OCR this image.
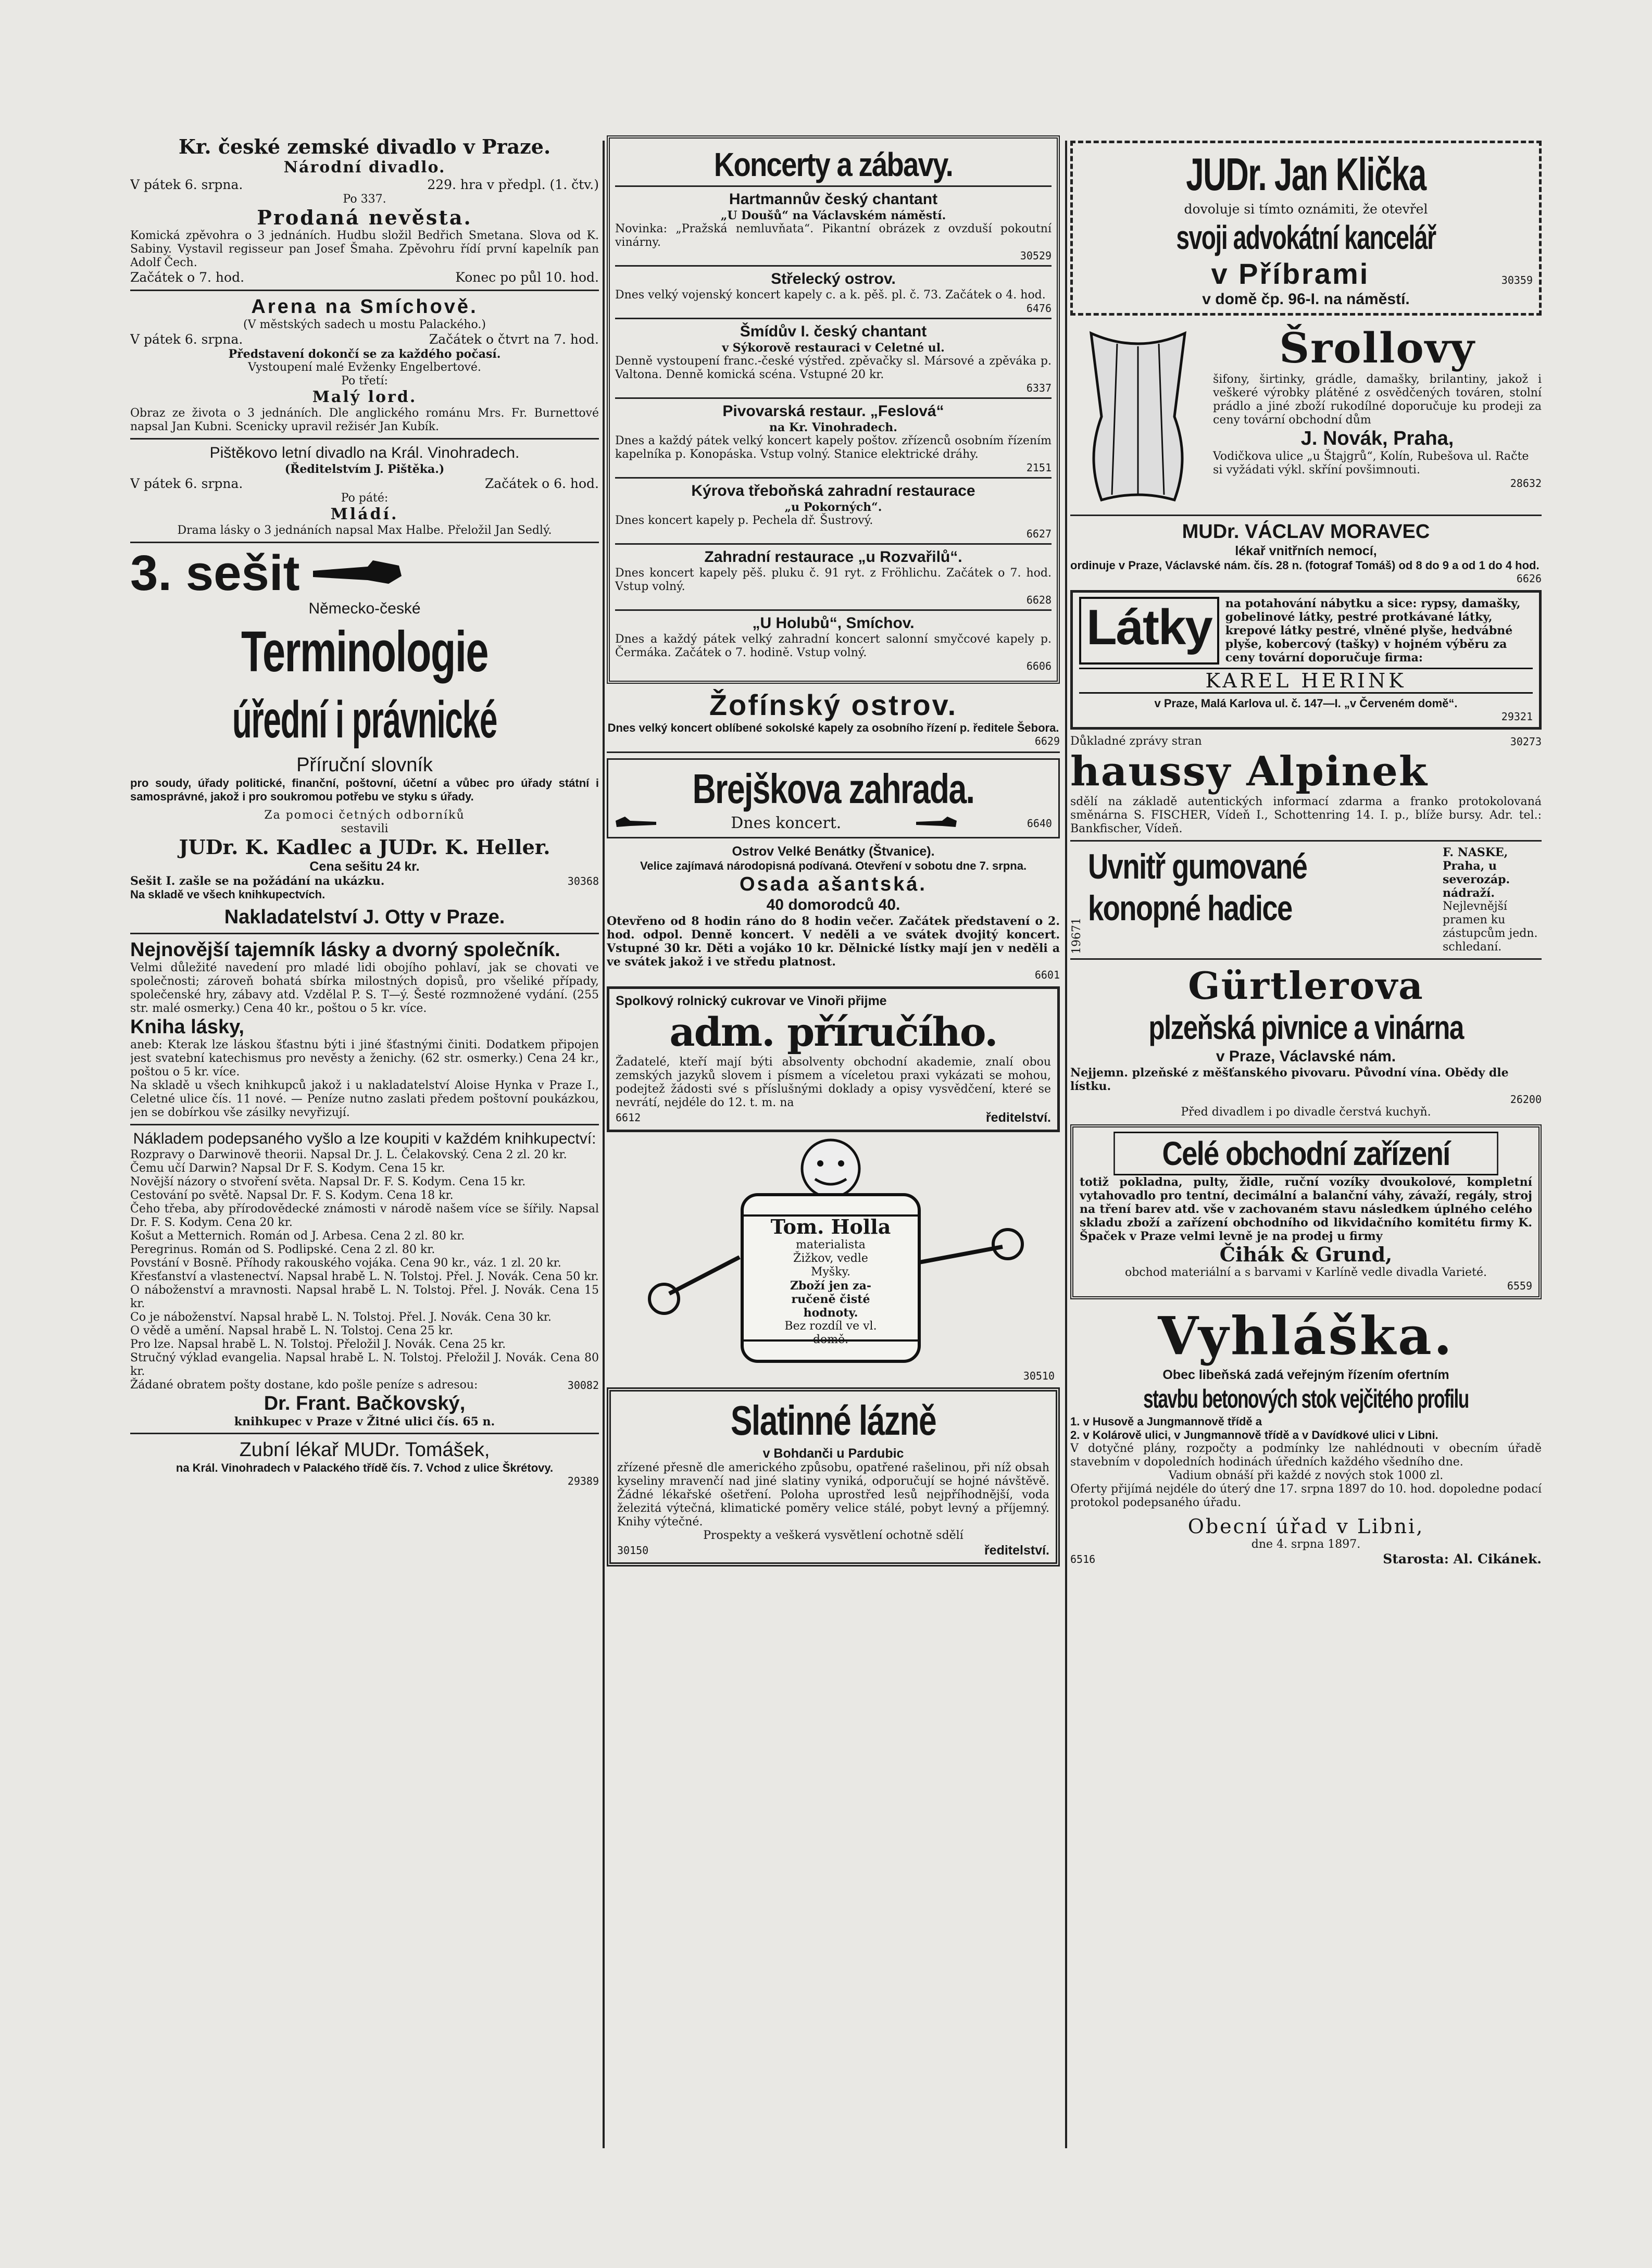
Kr. české zemské divadlo v Praze.
Národní divadlo.
V pátek 6. srpna.	229. hra v předpl. (1. čtv.)
Po 337.
Prodaná nevěsta.
Komická zpěvohra o 3 jednáních. Hudbu složil Bedřich Smetana. Slova od K. Sabiny. Vystavil regisseur pan Josef Šmaha. Zpěvohru řídí první kapelník pan Adolf Čech.
Začátek o 7. hod.	Konec po půl 10. hod.
Arena na Smíchově.
(V městských sadech u mostu Palackého.)
V pátek 6. srpna.	Začátek o čtvrt na 7. hod.
Představení dokončí se za každého počasí.
Vystoupení malé Evženky Engelbertové.
Po třetí:
Malý lord.
Obraz ze života o 3 jednáních. Dle anglického románu Mrs. Fr. Burnettové napsal Jan Kubni. Scenicky upravil režisér Jan Kubík.
Pištěkovo letní divadlo na Král. Vinohradech.
(Ředitelstvím J. Pištěka.)
V pátek 6. srpna.	Začátek o 6. hod.
Po páté:
Mládí.
Drama lásky o 3 jednáních napsal Max Halbe. Přeložil Jan Sedlý.
3. sešit
Německo-české
Terminologie
úřední i právnické
Příruční slovník
pro soudy, úřady politické, finanční, poštovní, účetní a vůbec pro úřady státní i samosprávné, jakož i pro soukromou potřebu ve styku s úřady.
Za pomoci četných odborníků
sestavili
JUDr. K. Kadlec a JUDr. K. Heller.
Cena sešitu 24 kr.
Sešit I. zašle se na požádání na ukázku.	30368
Na skladě ve všech knihkupectvích.
Nakladatelství J. Otty v Praze.
Nejnovější tajemník lásky a dvorný společník.
Velmi důležité navedení pro mladé lidi obojího pohlaví, jak se chovati ve společnosti; zároveň bohatá sbírka milostných dopisů, pro všeliké případy, společenské hry, zábavy atd. Vzdělal P. S. T—ý. Šesté rozmnožené vydání. (255 str. malé osmerky.) Cena 40 kr., poštou o 5 kr. více.
Kniha lásky,
aneb: Kterak lze láskou šťastnu býti i jiné šťastnými činiti. Dodatkem připojen jest svatební katechismus pro nevěsty a ženichy. (62 str. osmerky.) Cena 24 kr., poštou o 5 kr. více.
Na skladě u všech knihkupců jakož i u nakladatelství Aloise Hynka v Praze I., Celetné ulice čís. 11 nové. — Peníze nutno zaslati předem poštovní poukázkou, jen se dobírkou vše zásilky nevyřizují.
Nákladem podepsaného vyšlo a lze koupiti v každém knihkupectví:
Rozpravy o Darwinově theorii. Napsal Dr. J. L. Čelakovský. Cena 2 zl. 20 kr.
Čemu učí Darwin? Napsal Dr F. S. Kodym. Cena 15 kr.
Novější názory o stvoření světa. Napsal Dr. F. S. Kodym. Cena 15 kr.
Cestování po světě. Napsal Dr. F. S. Kodym. Cena 18 kr.
Čeho třeba, aby přírodovědecké známosti v národě našem více se šířily. Napsal Dr. F. S. Kodym. Cena 20 kr.
Košut a Metternich. Román od J. Arbesa. Cena 2 zl. 80 kr.
Peregrinus. Román od S. Podlipské. Cena 2 zl. 80 kr.
Povstání v Bosně. Příhody rakouského vojáka. Cena 90 kr., váz. 1 zl. 20 kr.
Křesťanství a vlastenectví. Napsal hrabě L. N. Tolstoj. Přel. J. Novák. Cena 50 kr.
O náboženství a mravnosti. Napsal hrabě L. N. Tolstoj. Přel. J. Novák. Cena 15 kr.
Co je náboženství. Napsal hrabě L. N. Tolstoj. Přel. J. Novák. Cena 30 kr.
O vědě a umění. Napsal hrabě L. N. Tolstoj. Cena 25 kr.
Pro lze. Napsal hrabě L. N. Tolstoj. Přeložil J. Novák. Cena 25 kr.
Stručný výklad evangelia. Napsal hrabě L. N. Tolstoj. Přeložil J. Novák. Cena 80 kr.
Žádané obratem pošty dostane, kdo pošle peníze s adresou:	30082
Dr. Frant. Bačkovský,
knihkupec v Praze v Žitné ulici čís. 65 n.
Zubní lékař MUDr. Tomášek,
na Král. Vinohradech v Palackého třídě čís. 7. Vchod z ulice Škrétovy.
29389
Koncerty a zábavy.
Hartmannův český chantant
„U Doušů“ na Václavském náměstí.
Novinka: „Pražská nemluvňata“. Pikantní obrázek z ovzduší pokoutní vinárny.
30529
Střelecký ostrov.
Dnes velký vojenský koncert kapely c. a k. pěš. pl. č. 73. Začátek o 4. hod.
6476
Šmídův I. český chantant
v Sýkorově restauraci v Celetné ul.
Denně vystoupení franc.-české výstřed. zpěvačky sl. Mársové a zpěváka p. Valtona. Denně komická scéna. Vstupné 20 kr.
6337
Pivovarská restaur. „Feslová“
na Kr. Vinohradech.
Dnes a každý pátek velký koncert kapely poštov. zřízenců osobním řízením kapelníka p. Konopáska. Vstup volný. Stanice elektrické dráhy.
2151
Kýrova třeboňská zahradní restaurace
„u Pokorných“.
Dnes koncert kapely p. Pechela dř. Šustrový.
6627
Zahradní restaurace „u Rozvařilů“.
Dnes koncert kapely pěš. pluku č. 91 ryt. z Fröhlichu. Začátek o 7. hod. Vstup volný.
6628
„U Holubů“, Smíchov.
Dnes a každý pátek velký zahradní koncert salonní smyčcové kapely p. Čermáka. Začátek o 7. hodině. Vstup volný.
6606
Žofínský ostrov.
Dnes velký koncert oblíbené sokolské kapely za osobního řízení p. ředitele Šebora.
6629
Brejškova zahrada.
Dnes koncert.	6640
Ostrov Velké Benátky (Štvanice).
Velice zajímavá národopisná podívaná. Otevření v sobotu dne 7. srpna.
Osada ašantská.
40 domorodců 40.
Otevřeno od 8 hodin ráno do 8 hodin večer. Začátek představení o 2. hod. odpol. Denně koncert. V neděli a ve svátek dvojitý koncert. Vstupné 30 kr. Děti a vojáko 10 kr. Dělnické lístky mají jen v neděli a ve svátek jakož i ve středu platnost.
6601
Spolkový rolnický cukrovar ve Vinoři přijme
adm. příručího.
Žadatelé, kteří mají býti absolventy obchodní akademie, znalí obou zemských jazyků slovem i písmem a víceletou praxi vykázati se mohou, podejtež žádosti své s příslušnými doklady a opisy vysvědčení, které se nevrátí, nejdéle do 12. t. m. na
6612	ředitelství.
Tom. Holla
materialista
Žižkov, vedle
Myšky.
Zboží jen za-
ručeně čisté
hodnoty.
Bez rozdíl ve vl.
domě.
30510
Slatinné lázně
v Bohdanči u Pardubic
zřízené přesně dle amerického způsobu, opatřené rašelinou, při níž obsah kyseliny mravenčí nad jiné slatiny vyniká, odporučují se hojné návštěvě. Žádné lékařské ošetření. Poloha uprostřed lesů nejpříhodnější, voda železitá výtečná, klimatické poměry velice stálé, pobyt levný a příjemný. Knihy výtečné.
Prospekty a veškerá vysvětlení ochotně sdělí
30150	ředitelství.
JUDr. Jan Klička
dovoluje si tímto oznámiti, že otevřel
svoji advokátní kancelář
v Příbrami	30359
v domě čp. 96-I. na náměstí.
Šrollovy
šifony, širtinky, grádle, damašky, brilantiny, jakož i veškeré výrobky plátěné z osvědčených továren, stolní prádlo a jiné zboží rukodílné doporučuje ku prodeji za ceny tovární obchodní dům
J. Novák, Praha,
Vodičkova ulice „u Štajgrů“, Kolín, Rubešova ul. Račte si vyžádati výkl. skříní povšimnouti.
28632
MUDr. VÁCLAV MORAVEC
lékař vnitřních nemocí,
ordinuje v Praze, Václavské nám. čís. 28 n. (fotograf Tomáš) od 8 do 9 a od 1 do 4 hod.
6626
Látky	na potahování nábytku a sice: rypsy, damašky, gobelinové látky, pestré protkávané látky, krepové látky pestré, vlněné plyše, hedvábné plyše, kobercový (tašky) v hojném výběru za ceny tovární doporučuje firma:
KAREL HERINK
v Praze, Malá Karlova ul. č. 147—I. „v Červeném domě“.
29321
Důkladné zprávy stran	30273
haussy Alpinek
sdělí na základě autentických informací zdarma a franko protokolovaná směnárna S. FISCHER, Vídeň I., Schottenring 14. I. p., blíže bursy. Adr. tel.: Bankfischer, Vídeň.
19671
Uvnitř gumované
konopné hadice
F. NASKE, Praha, u severozáp. nádraží.
Nejlevnější pramen ku zástupcům jedn. schledaní.
Gürtlerova
plzeňská pivnice a vinárna
v Praze, Václavské nám.
Nejjemn. plzeňské z měšťanského pivovaru. Původní vína. Obědy dle lístku.
26200
Před divadlem i po divadle čerstvá kuchyň.
Celé obchodní zařízení
totiž pokladna, pulty, židle, ruční vozíky dvoukolové, kompletní vytahovadlo pro tentní, decimální a balanční váhy, závaží, regály, stroj na tření barev atd. vše v zachovaném stavu následkem úplného celého skladu zboží a zařízení obchodního od likvidačního komitétu firmy K. Špaček v Praze velmi levně je na prodej u firmy
Čihák & Grund,
obchod materiální a s barvami v Karlíně vedle divadla Varieté.
6559
Vyhláška.
Obec libeňská zadá veřejným řízením ofertním
stavbu betonových stok vejčitého profilu
1. v Husově a Jungmannově třídě a
2. v Kolárově ulici, v Jungmannově třídě a v Davídkové ulici v Libni.
V dotyčné plány, rozpočty a podmínky lze nahlédnouti v obecním úřadě stavebním v dopoledních hodinách úředních každého všedního dne.
Vadium obnáší při každé z nových stok 1000 zl.
Oferty přijímá nejdéle do úterý dne 17. srpna 1897 do 10. hod. dopoledne podací protokol podepsaného úřadu.
Obecní úřad v Libni,
dne 4. srpna 1897.
6516	Starosta: Al. Cikánek.
